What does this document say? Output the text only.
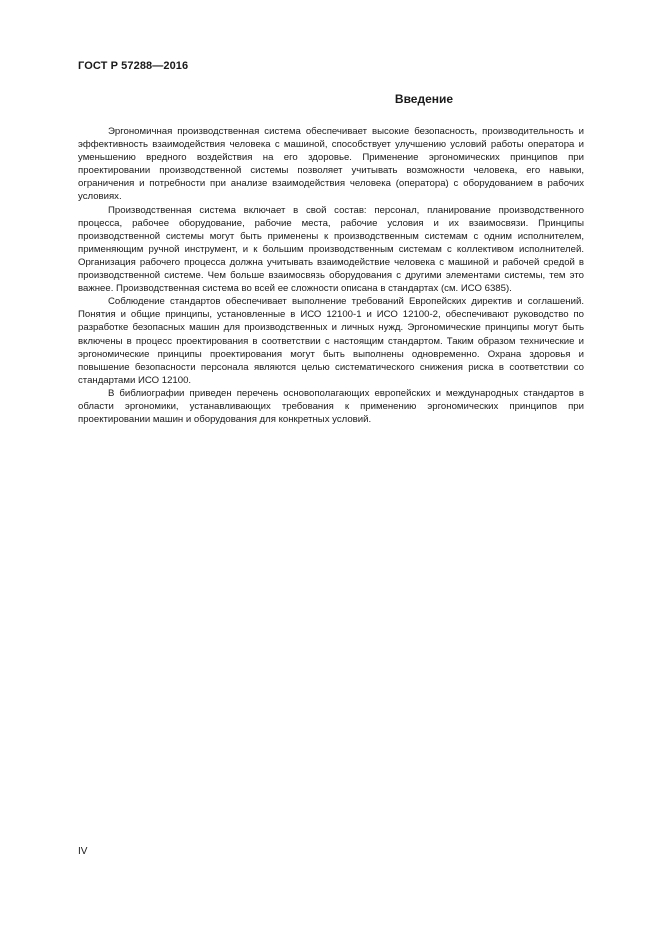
ГОСТ Р 57288—2016
Введение

Эргономичная производственная система обеспечивает высокие безопасность, производительность и эффективность взаимодействия человека с машиной, способствует улучшению условий работы оператора и уменьшению вредного воздействия на его здоровье. Применение эргономических принципов при проектировании производственной системы позволяет учитывать возможности человека, его навыки, ограничения и потребности при анализе взаимодействия человека (оператора) с оборудованием в рабочих условиях.

Производственная система включает в свой состав: персонал, планирование производственного процесса, рабочее оборудование, рабочие места, рабочие условия и их взаимосвязи. Принципы производственной системы могут быть применены к производственным системам с одним исполнителем, применяющим ручной инструмент, и к большим производственным системам с коллективом исполнителей. Организация рабочего процесса должна учитывать взаимодействие человека с машиной и рабочей средой в производственной системе. Чем больше взаимосвязь оборудования с другими элементами системы, тем это важнее. Производственная система во всей ее сложности описана в стандартах (см. ИСО 6385).

Соблюдение стандартов обеспечивает выполнение требований Европейских директив и соглашений. Понятия и общие принципы, установленные в ИСО 12100-1 и ИСО 12100-2, обеспечивают руководство по разработке безопасных машин для производственных и личных нужд. Эргономические принципы могут быть включены в процесс проектирования в соответствии с настоящим стандартом. Таким образом технические и эргономические принципы проектирования могут быть выполнены одновременно. Охрана здоровья и повышение безопасности персонала являются целью систематического снижения риска в соответствии со стандартами ИСО 12100.

В библиографии приведен перечень основополагающих европейских и международных стандартов в области эргономики, устанавливающих требования к применению эргономических принципов при проектировании машин и оборудования для конкретных условий.

IV
